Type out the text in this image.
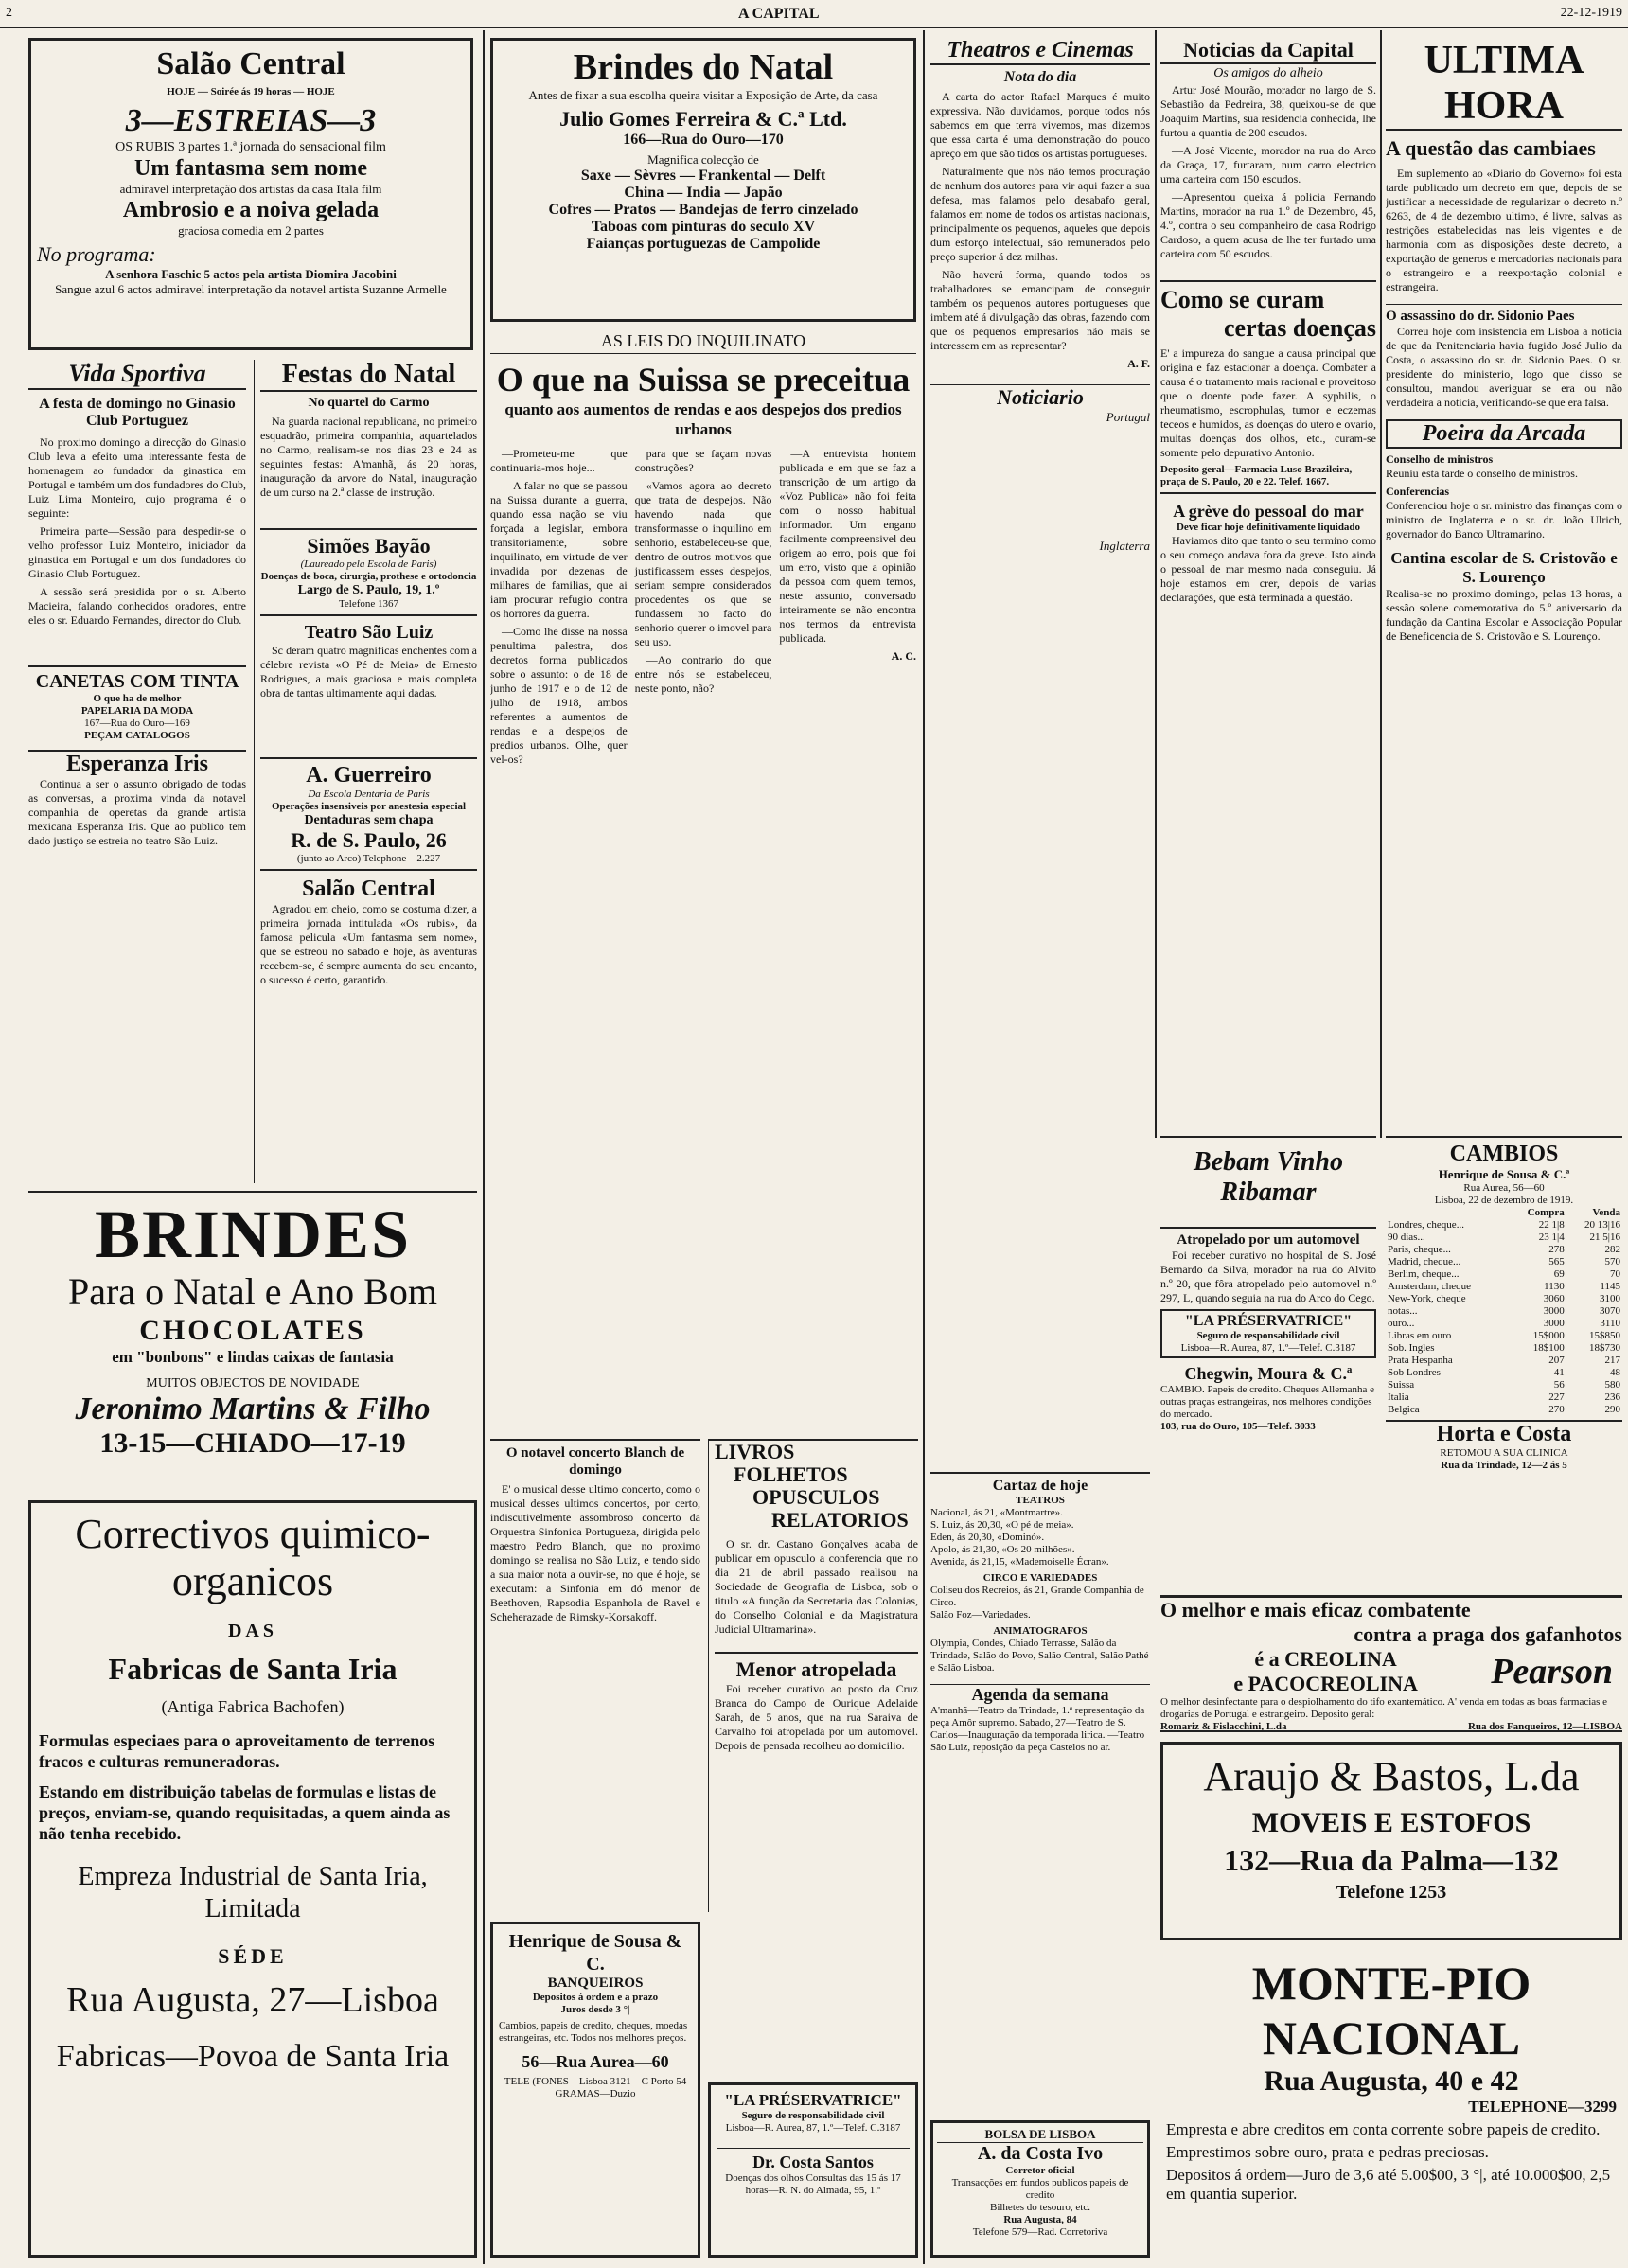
2	A CAPITAL	22-12-1919
Salão Central
HOJE — Soirée ás 19 horas — HOJE
3—ESTREIAS—3
OS RUBIS 3 partes 1.ª jornada do sensacional film
Um fantasma sem nome
admiravel interpretação dos artistas da casa Itala film
Ambrosio e a noiva gelada
graciosa comedia em 2 partes
No programa:
A senhora Faschic 5 actos pela artista Diomira Jacobini
Sangue azul 6 actos admiravel interpretação da notavel artista Suzanne Armelle
Vida Sportiva
A festa de domingo no Ginasio Club Portuguez

No proximo domingo a direcção do Ginasio Club leva a efeito uma interessante festa de homenagem ao fundador da ginastica em Portugal e também um dos fundadores do Club, Luiz Lima Monteiro, cujo programa é o seguinte:

Primeira parte—Sessão para despedir-se o velho professor Luiz Monteiro, iniciador da ginastica em Portugal e um dos fundadores do Ginasio Club Portuguez.

A sessão será presidida por o sr. Alberto Macieira, falando conhecidos oradores, entre eles o sr. Eduardo Fernandes, director do Club.

CANETAS COM TINTA
O que ha de melhor
PAPELARIA DA MODA
167—Rua do Ouro—169
PEÇAM CATALOGOS
Esperanza Iris

Continua a ser o assunto obrigado de todas as conversas, a proxima vinda da notavel companhia de operetas da grande artista mexicana Esperanza Iris. Que ao publico tem dado justiço se estreia no teatro São Luiz.

Festas do Natal
No quartel do Carmo

Na guarda nacional republicana, no primeiro esquadrão, primeira companhia, aquartelados no Carmo, realisam-se nos dias 23 e 24 as seguintes festas: A'manhã, ás 20 horas, inauguração da arvore do Natal, inauguração de um curso na 2.ª classe de instrução.

Simões Bayão
(Laureado pela Escola de Paris)
Doenças de boca, cirurgia, prothese e ortodoncia
Largo de S. Paulo, 19, 1.º
Telefone 1367
Teatro São Luiz

Sc deram quatro magnificas enchentes com a célebre revista «O Pé de Meia» de Ernesto Rodrigues, a mais graciosa e mais completa obra de tantas ultimamente aqui dadas.

A. Guerreiro
Da Escola Dentaria de Paris
Operações insensiveis por anestesia especial
Dentaduras sem chapa
R. de S. Paulo, 26
(junto ao Arco) Telephone—2.227
Salão Central

Agradou em cheio, como se costuma dizer, a primeira jornada intitulada «Os rubis», da famosa pelicula «Um fantasma sem nome», que se estreou no sabado e hoje, ás aventuras recebem-se, é sempre aumenta do seu encanto, o sucesso é certo, garantido.

BRINDES
Para o Natal e Ano Bom
CHOCOLATES
em "bonbons" e lindas caixas de fantasia
MUITOS OBJECTOS DE NOVIDADE
Jeronimo Martins & Filho
13-15—CHIADO—17-19
Correctivos quimico-organicos
DAS
Fabricas de Santa Iria
(Antiga Fabrica Bachofen)
Formulas especiaes para o aproveitamento de terrenos fracos e culturas remuneradoras.
Estando em distribuição tabelas de formulas e listas de preços, enviam-se, quando requisitadas, a quem ainda as não tenha recebido.
Empreza Industrial de Santa Iria, Limitada
SÉDE
Rua Augusta, 27—Lisboa
Fabricas—Povoa de Santa Iria
Brindes do Natal
Antes de fixar a sua escolha queira visitar a Exposição de Arte, da casa
Julio Gomes Ferreira & C.ª Ltd.
166—Rua do Ouro—170
Magnifica colecção de
Saxe — Sèvres — Frankental — Delft
China — India — Japão
Cofres — Pratos — Bandejas de ferro cinzelado
Taboas com pinturas do seculo XV
Faianças portuguezas de Campolide
AS LEIS DO INQUILINATO
O que na Suissa se preceitua
quanto aos aumentos de rendas e aos despejos dos predios urbanos

—Prometeu-me que continuaria-mos hoje...

—A falar no que se passou na Suissa durante a guerra, quando essa nação se viu forçada a legislar, embora transitoriamente, sobre inquilinato, em virtude de ver invadida por dezenas de milhares de familias, que ai iam procurar refugio contra os horrores da guerra.

—Como lhe disse na nossa penultima palestra, dos decretos forma publicados sobre o assunto: o de 18 de junho de 1917 e o de 12 de julho de 1918, ambos referentes a aumentos de rendas e a despejos de predios urbanos. Olhe, quer vel-os?

para que se façam novas construções?

«Vamos agora ao decreto que trata de despejos. Não havendo nada que transformasse o inquilino em senhorio, estabeleceu-se que, dentro de outros motivos que justificassem esses despejos, seriam sempre considerados procedentes os que se fundassem no facto do senhorio querer o imovel para seu uso.

—Ao contrario do que entre nós se estabeleceu, neste ponto, não?

—A entrevista hontem publicada e em que se faz a transcrição de um artigo da «Voz Publica» não foi feita com o nosso habitual informador. Um engano facilmente compreensivel deu origem ao erro, pois que foi um erro, visto que a opinião da pessoa com quem temos, neste assunto, conversado inteiramente se não encontra nos termos da entrevista publicada.

A. C.
O notavel concerto Blanch de domingo

E' o musical desse ultimo concerto, como o musical desses ultimos concertos, por certo, indiscutivelmente assombroso concerto da Orquestra Sinfonica Portugueza, dirigida pelo maestro Pedro Blanch, que no proximo domingo se realisa no São Luiz, e tendo sido a sua maior nota a ouvir-se, no que é hoje, se executam: a Sinfonia em dó menor de Beethoven, Rapsodia Espanhola de Ravel e Scheherazade de Rimsky-Korsakoff.

LIVROS
FOLHETOS
OPUSCULOS
RELATORIOS

O sr. dr. Castano Gonçalves acaba de publicar em opusculo a conferencia que no dia 21 de abril passado realisou na Sociedade de Geografia de Lisboa, sob o titulo «A função da Secretaria das Colonias, do Conselho Colonial e da Magistratura Judicial Ultramarina».

Menor atropelada

Foi receber curativo ao posto da Cruz Branca do Campo de Ourique Adelaide Sarah, de 5 anos, que na rua Saraiva de Carvalho foi atropelada por um automovel. Depois de pensada recolheu ao domicilio.

Henrique de Sousa & C.
BANQUEIROS
Depositos á ordem e a prazo
Juros desde 3 °|
Cambios, papeis de credito, cheques, moedas estrangeiras, etc. Todos nos melhores preços.
56—Rua Aurea—60
TELE (FONES—Lisboa 3121—C Porto 54 GRAMAS—Duzio	"LA PRÉSERVATRICE"
Seguro de responsabilidade civil
Lisboa—R. Aurea, 87, 1.º—Telef. C.3187
Dr. Costa Santos
Doenças dos olhos Consultas das 15 ás 17 horas—R. N. do Almada, 95, 1.º
Theatros e Cinemas
Nota do dia

A carta do actor Rafael Marques é muito expressiva. Não duvidamos, porque todos nós sabemos em que terra vivemos, mas dizemos que essa carta é uma demonstração do pouco apreço em que são tidos os artistas portugueses.

Naturalmente que nós não temos procuração de nenhum dos autores para vir aqui fazer a sua defesa, mas falamos pelo desabafo geral, falamos em nome de todos os artistas nacionais, principalmente os pequenos, aqueles que depois dum esforço intelectual, são remunerados pelo preço superior á dez milhas.

Não haverá forma, quando todos os trabalhadores se emancipam de conseguir também os pequenos autores portugueses que imbem até á divulgação das obras, fazendo com que os pequenos empresarios não mais se interessem em as representar?

A. F.
Noticiario
Portugal
Inglaterra
Cartaz de hoje
TEATROS
Nacional, ás 21, «Montmartre».
S. Luiz, ás 20,30, «O pé de meia».
Eden, ás 20,30, «Dominó».
Apolo, ás 21,30, «Os 20 milhões».
Avenida, ás 21,15, «Mademoiselle Écran».
CIRCO E VARIEDADES
Coliseu dos Recreios, ás 21, Grande Companhia de Circo.
Salão Foz—Variedades.
ANIMATOGRAFOS
Olympia, Condes, Chiado Terrasse, Salão da Trindade, Salão do Povo, Salão Central, Salão Pathé e Salão Lisboa.
Agenda da semana
A'manhã—Teatro da Trindade, 1.ª representação da peça Amôr supremo. Sabado, 27—Teatro de S. Carlos—Inauguração da temporada lirica. —Teatro São Luiz, reposição da peça Castelos no ar.
BOLSA DE LISBOA
A. da Costa Ivo
Corretor oficial
Transacções em fundos publicos papeis de credito
Bilhetes do tesouro, etc.
Rua Augusta, 84
Telefone 579—Rad. Corretoriva
Noticias da Capital
Os amigos do alheio

Artur José Mourão, morador no largo de S. Sebastião da Pedreira, 38, queixou-se de que Joaquim Martins, sua residencia conhecida, lhe furtou a quantia de 200 escudos.

—A José Vicente, morador na rua do Arco da Graça, 17, furtaram, num carro electrico uma carteira com 150 escudos.

—Apresentou queixa á policia Fernando Martins, morador na rua 1.º de Dezembro, 45, 4.º, contra o seu companheiro de casa Rodrigo Cardoso, a quem acusa de lhe ter furtado uma carteira com 50 escudos.

Como se curam
certas doenças
E' a impureza do sangue a causa principal que origina e faz estacionar a doença. Combater a causa é o tratamento mais racional e proveitoso que o doente pode fazer. A syphilis, o rheumatismo, escrophulas, tumor e eczemas teceos e humidos, as doenças do utero e ovario, muitas doenças dos olhos, etc., curam-se somente pelo depurativo Antonio.
Deposito geral—Farmacia Luso Brazileira, praça de S. Paulo, 20 e 22. Telef. 1667.
A grève do pessoal do mar
Deve ficar hoje definitivamente liquidado

Haviamos dito que tanto o seu termino como o seu começo andava fora da greve. Isto ainda o pessoal de mar mesmo nada conseguiu. Já hoje estamos em crer, depois de varias declarações, que está terminada a questão.

Bebam Vinho
Ribamar
Atropelado por um automovel

Foi receber curativo no hospital de S. José Bernardo da Silva, morador na rua do Alvito n.º 20, que fôra atropelado pelo automovel n.º 297, L, quando seguia na rua do Arco do Cego.

"LA PRÉSERVATRICE"
Seguro de responsabilidade civil
Lisboa—R. Aurea, 87, 1.º—Telef. C.3187
Chegwin, Moura & C.ª
CAMBIO. Papeis de credito. Cheques Allemanha e outras praças estrangeiras, nos melhores condições do mercado.
103, rua do Ouro, 105—Telef. 3033
ULTIMA HORA
A questão das cambiaes

Em suplemento ao «Diario do Governo» foi esta tarde publicado um decreto em que, depois de se justificar a necessidade de regularizar o decreto n.º 6263, de 4 de dezembro ultimo, é livre, salvas as restrições estabelecidas nas leis vigentes e de harmonia com as disposições deste decreto, a exportação de generos e mercadorias nacionais para o estrangeiro e a reexportação colonial e estrangeira.

O assassino do dr. Sidonio Paes

Correu hoje com insistencia em Lisboa a noticia de que da Penitenciaria havia fugido José Julio da Costa, o assassino do sr. dr. Sidonio Paes. O sr. presidente do ministerio, logo que disso se consultou, mandou averiguar se era ou não verdadeira a noticia, verificando-se que era falsa.

Poeira da Arcada
Conselho de ministros
Reuniu esta tarde o conselho de ministros.
Conferencias
Conferenciou hoje o sr. ministro das finanças com o ministro de Inglaterra e o sr. dr. João Ulrich, governador do Banco Ultramarino.
Cantina escolar de S. Cristovão e S. Lourenço
Realisa-se no proximo domingo, pelas 13 horas, a sessão solene comemorativa do 5.º aniversario da fundação da Cantina Escolar e Associação Popular de Beneficencia de S. Cristovão e S. Lourenço.
CAMBIOS
Henrique de Sousa & C.ª
Rua Aurea, 56—60
Lisboa, 22 de dezembro de 1919.
	Compra	Venda
Londres, cheque...	22 1|8	20 13|16
90 dias...	23 1|4	21 5|16
Paris, cheque...	278	282
Madrid, cheque...	565	570
Berlim, cheque...	69	70
Amsterdam, cheque	1130	1145
New-York, cheque	3060	3100
notas...	3000	3070
ouro...	3000	3110
Libras em ouro	15$000	15$850
Sob. Ingles	18$100	18$730
Prata Hespanha	207	217
Sob Londres	41	48
Suissa	56	580
Italia	227	236
Belgica	270	290
Horta e Costa
RETOMOU A SUA CLINICA
Rua da Trindade, 12—2 ás 5
O melhor e mais eficaz combatente
contra a praga dos gafanhotos
é a CREOLINA
e PACOCREOLINA	Pearson
O melhor desinfectante para o despiolhamento do tifo exantemático. A' venda em todas as boas farmacias e drogarias de Portugal e estrangeiro. Deposito geral:
Romariz & Fislacchini, L.da	Rua dos Fanqueiros, 12—LISBOA
Araujo & Bastos, L.da
MOVEIS E ESTOFOS
132—Rua da Palma—132
Telefone 1253
MONTE-PIO NACIONAL
Rua Augusta, 40 e 42
TELEPHONE—3299
Empresta e abre creditos em conta corrente sobre papeis de credito.
Emprestimos sobre ouro, prata e pedras preciosas.
Depositos á ordem—Juro de 3,6 até 5.00$00, 3 °|, até 10.000$00, 2,5 em quantia superior.
